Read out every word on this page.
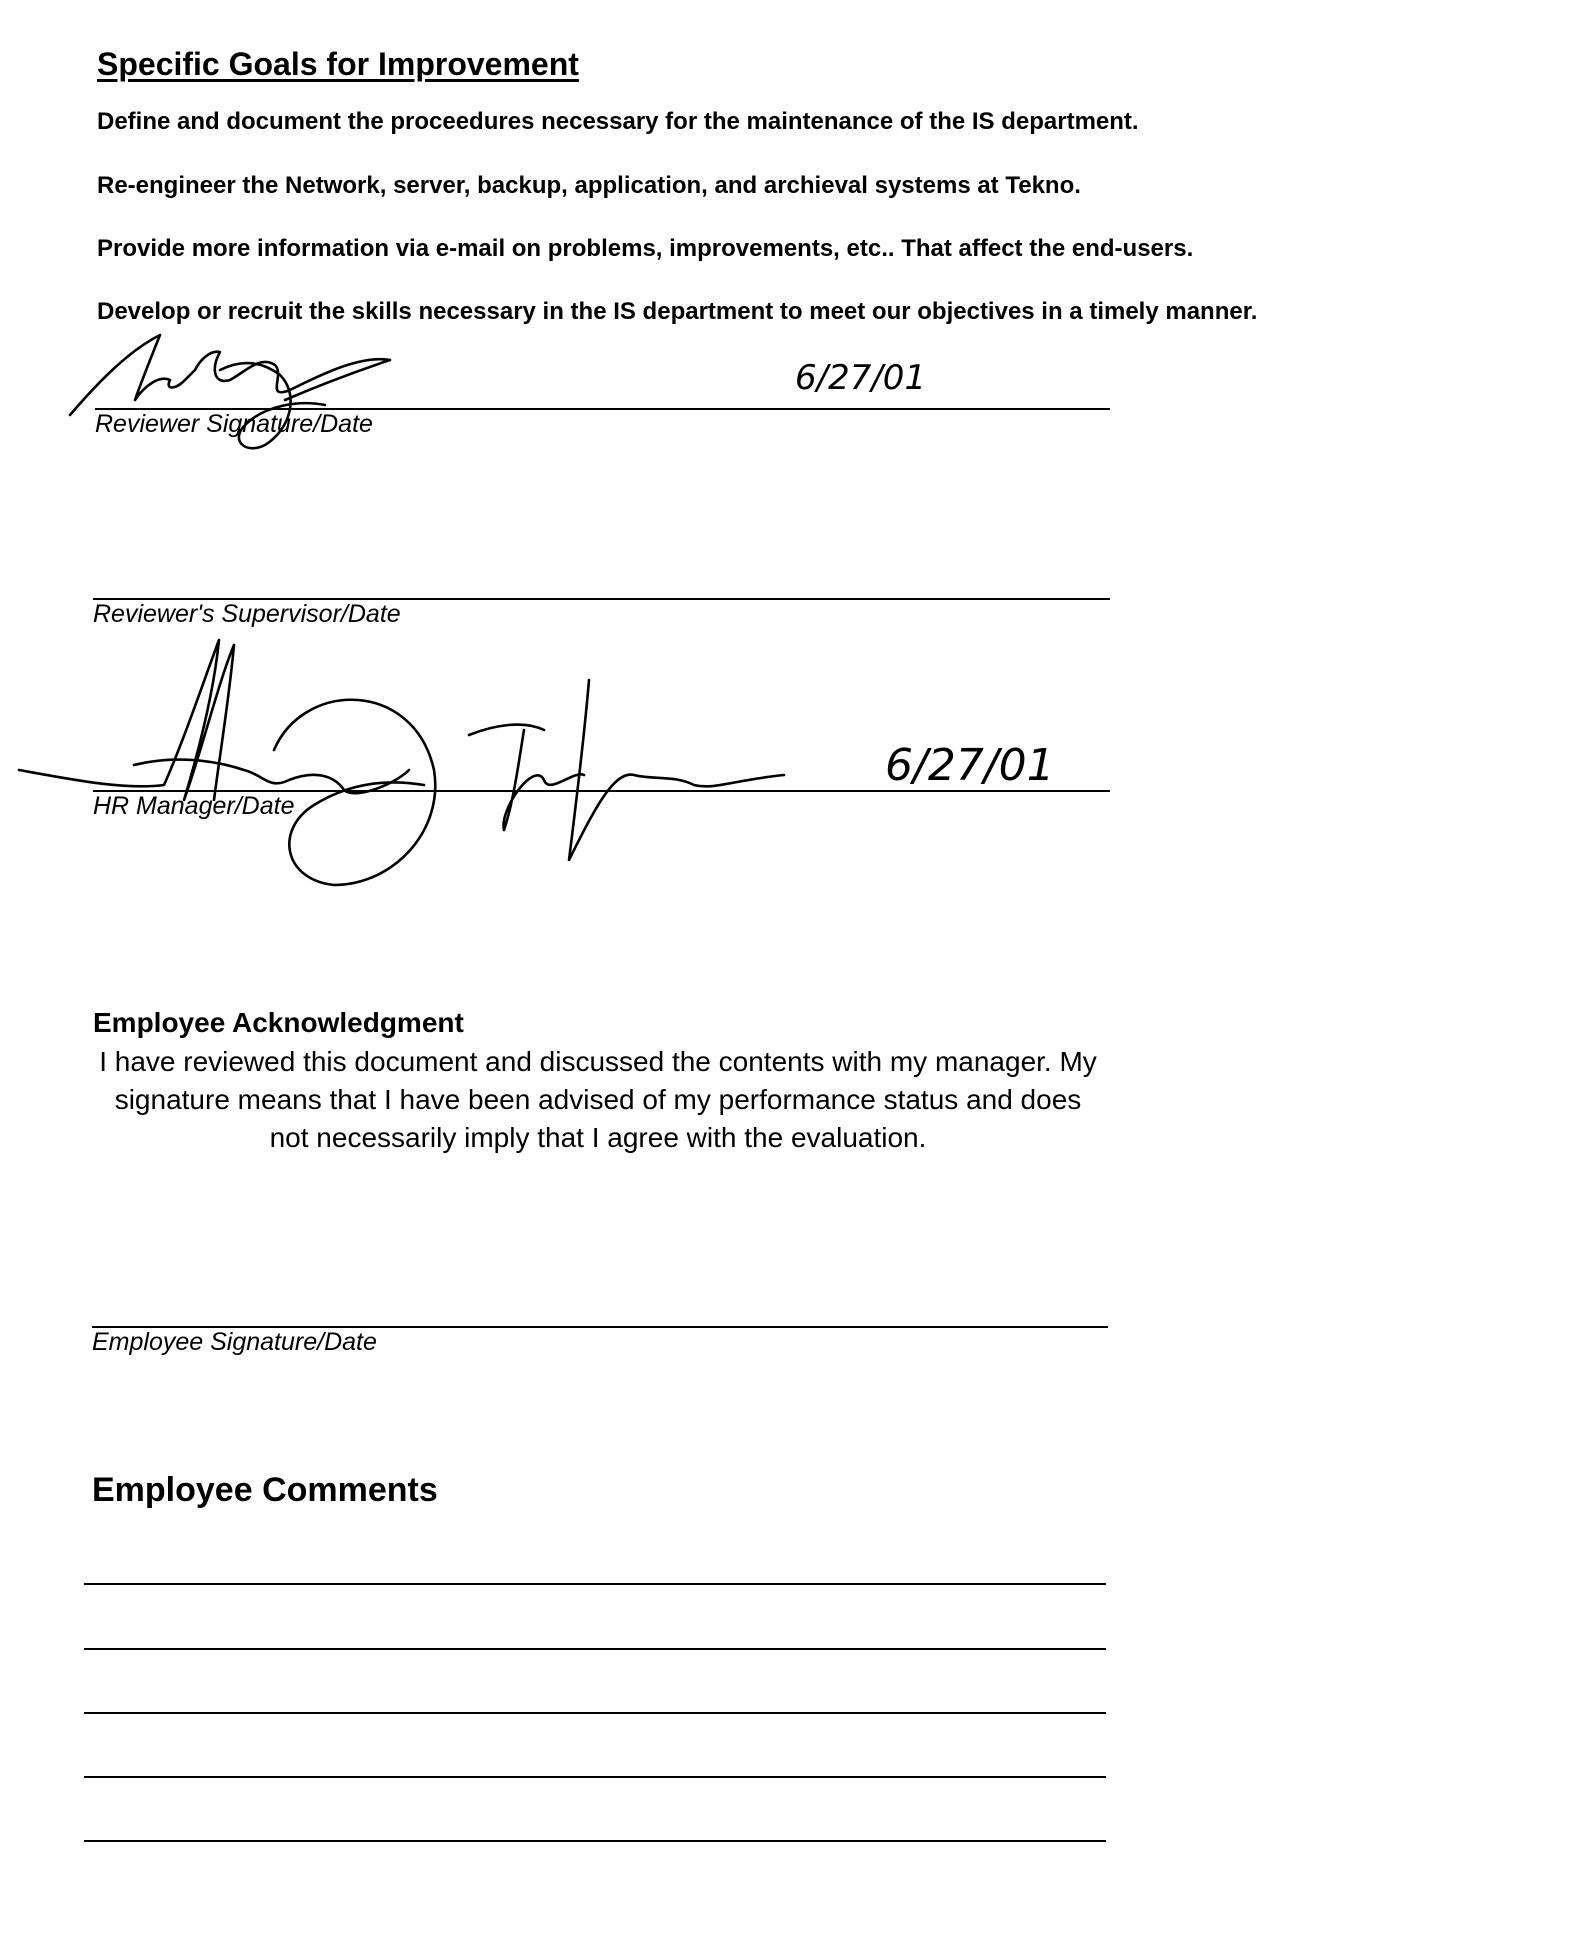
Specific Goals for Improvement
Define and document the proceedures necessary for the maintenance of the IS department.
Re-engineer the Network, server, backup, application, and archieval systems at Tekno.
Provide more information via e-mail on problems, improvements, etc.. That affect the end-users.
Develop or recruit the skills necessary in the IS department to meet our objectives in a timely manner.
6/27/01
Reviewer Signature/Date
Reviewer's Supervisor/Date
6/27/01
HR Manager/Date
Employee Acknowledgment
I have reviewed this document and discussed the contents with my manager. My signature means that I have been advised of my performance status and does not necessarily imply that I agree with the evaluation.
Employee Signature/Date
Employee Comments
